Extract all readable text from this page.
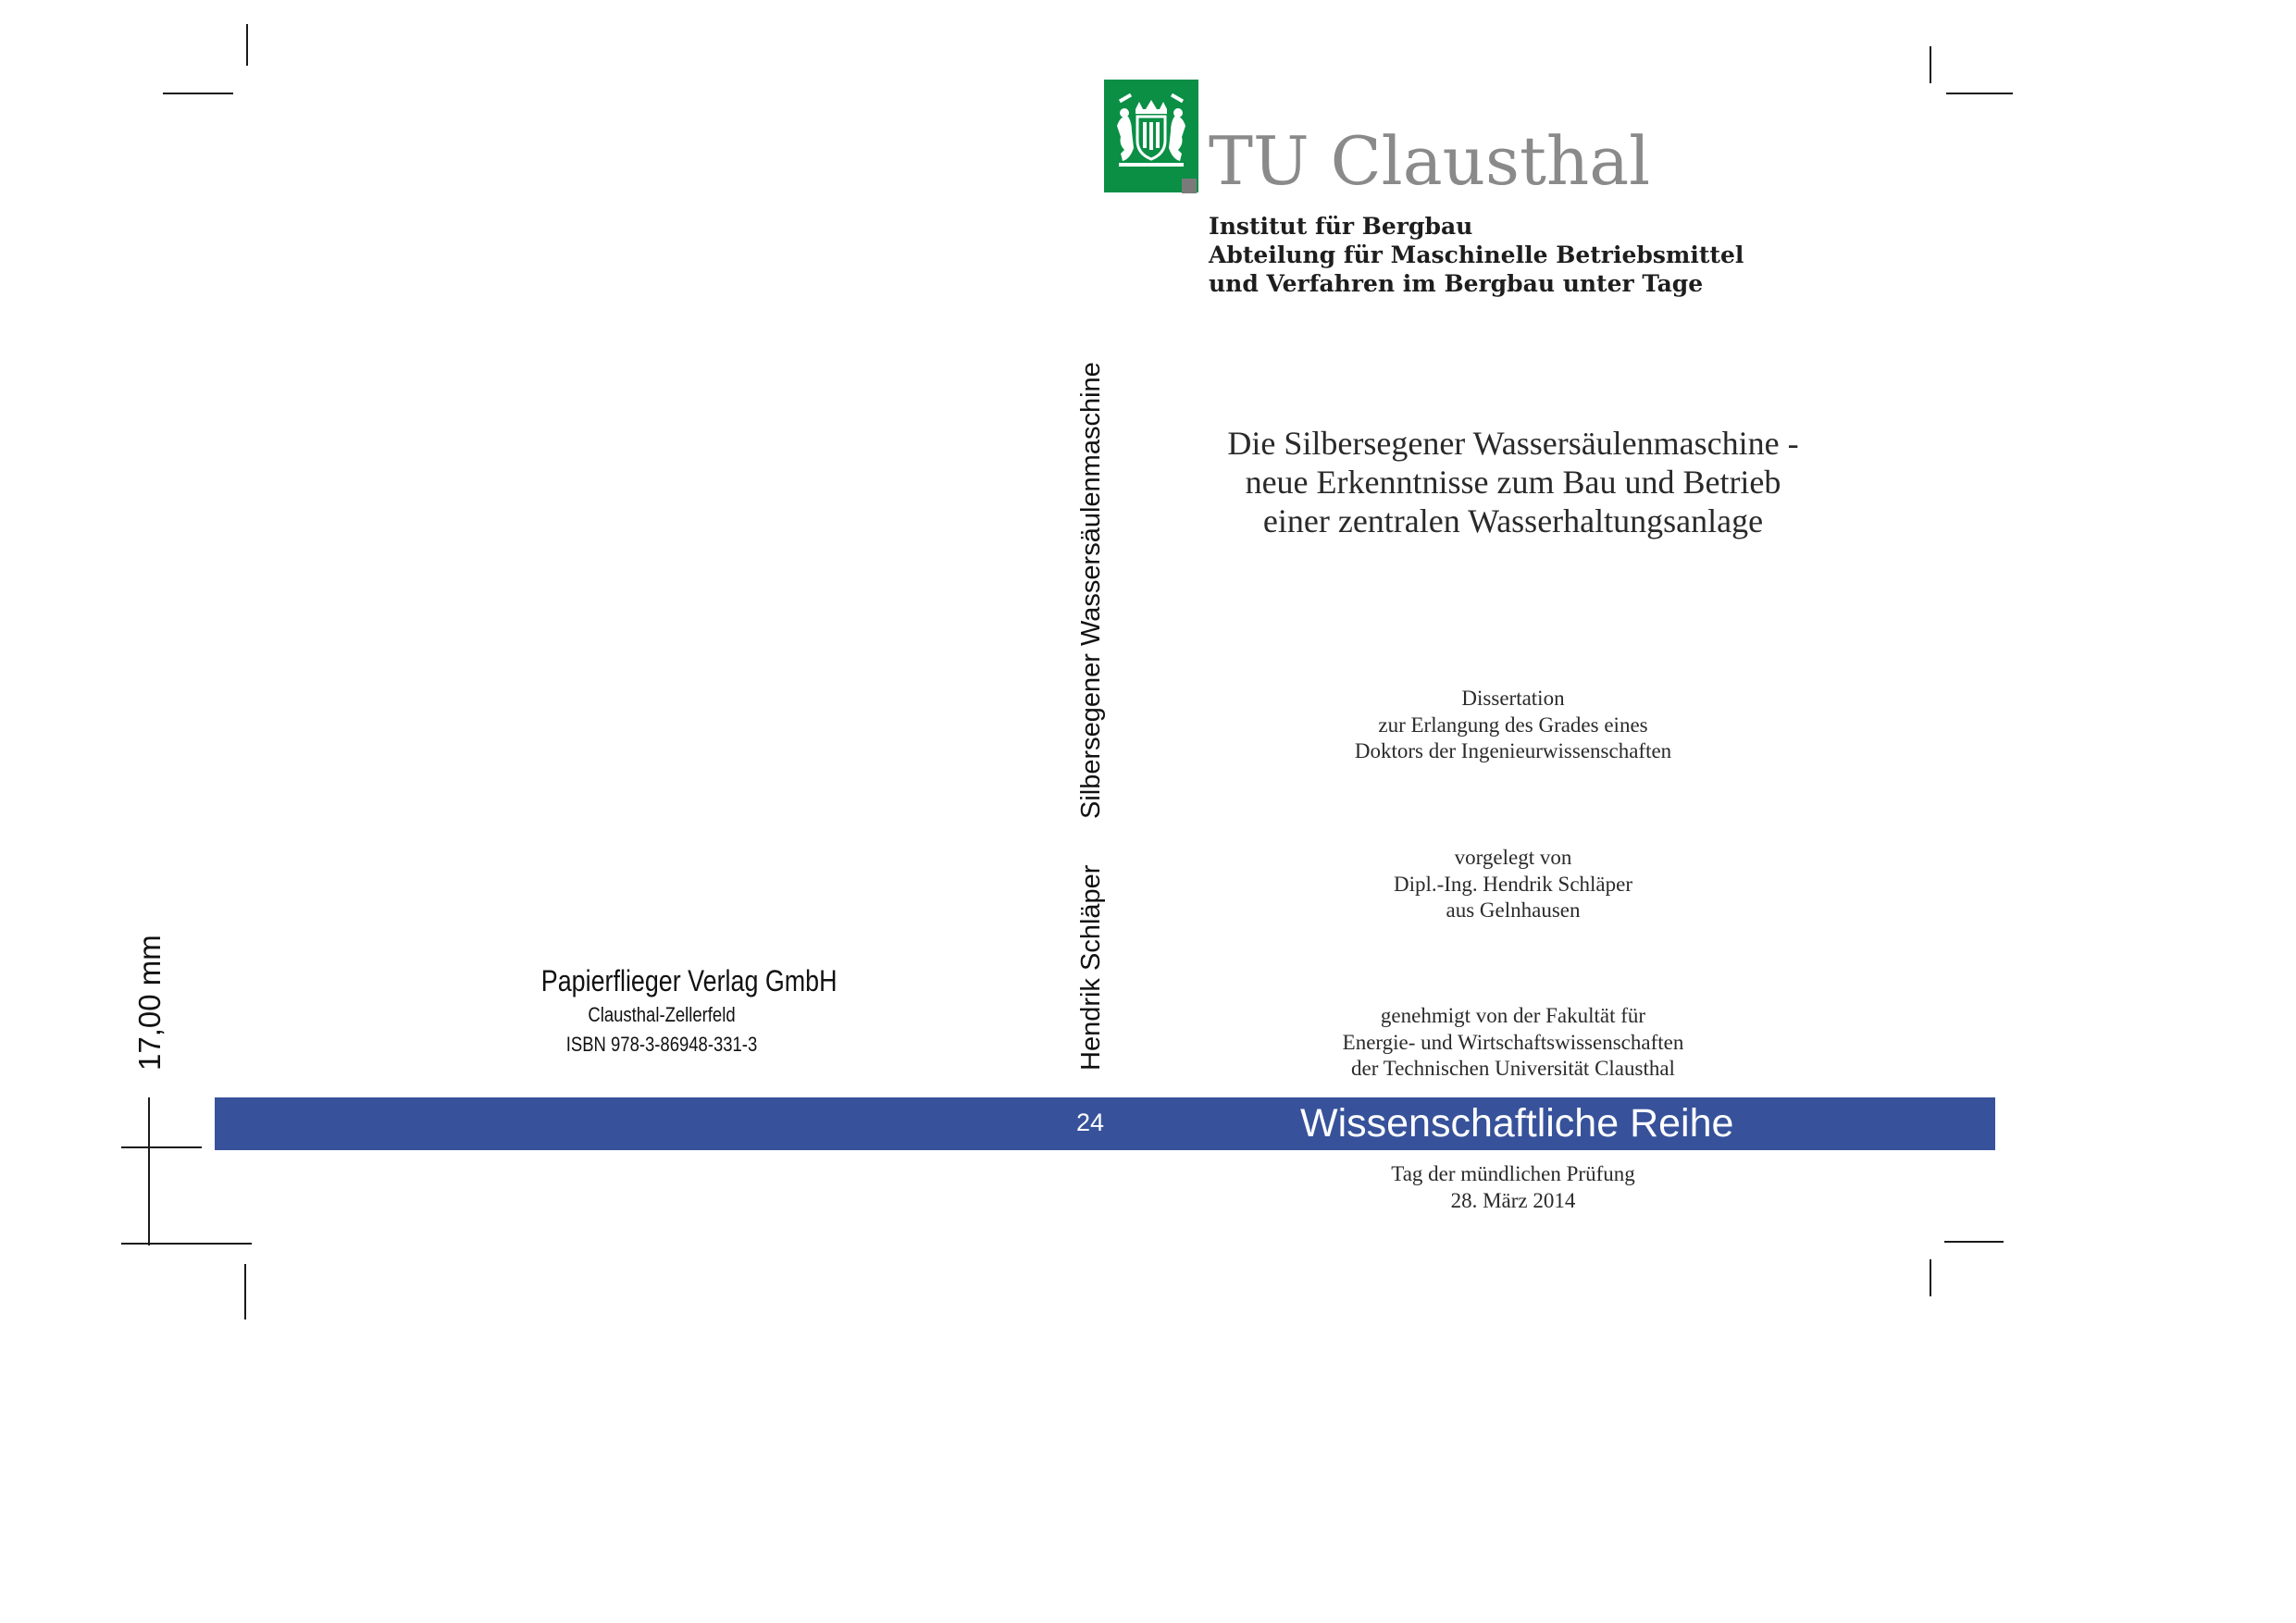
TU Clausthal
Institut für Bergbau
Abteilung für Maschinelle Betriebsmittel
und Verfahren im Bergbau unter Tage
Die Silbersegener Wassersäulenmaschine -
neue Erkenntnisse zum Bau und Betrieb
einer zentralen Wasserhaltungsanlage
Dissertation
zur Erlangung des Grades eines
Doktors der Ingenieurwissenschaften
vorgelegt von
Dipl.-Ing. Hendrik Schläper
aus Gelnhausen
genehmigt von der Fakultät für
Energie- und Wirtschaftswissenschaften
der Technischen Universität Clausthal
Tag der mündlichen Prüfung
28. März 2014
Silbersegener Wassersäulenmaschine
Hendrik Schläper
17,00 mm	Papierflieger Verlag GmbH
Clausthal-Zellerfeld
ISBN 978-3-86948-331-3
24	Wissenschaftliche Reihe
